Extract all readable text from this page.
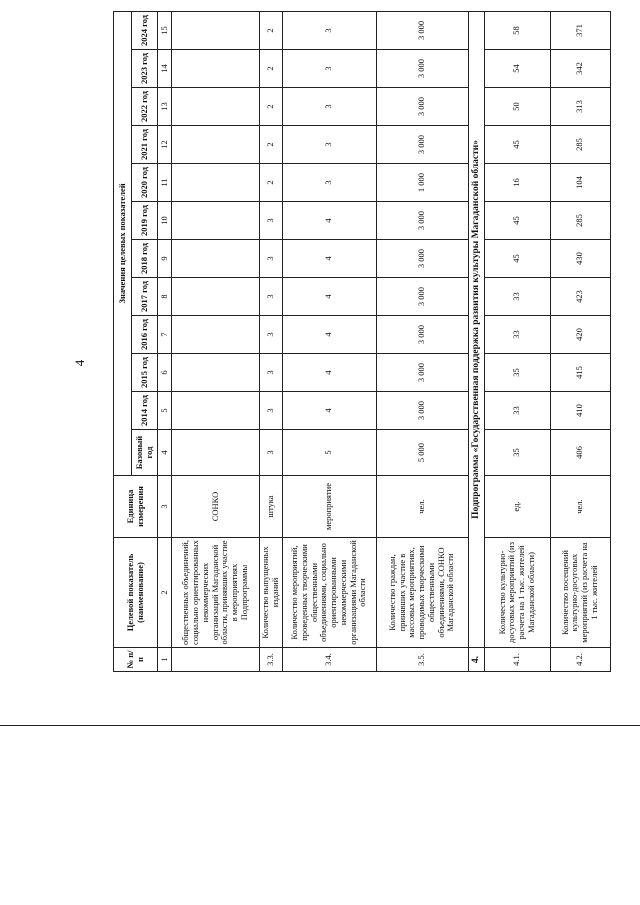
4
№ п/п	Целевой показатель (наименование)	Единица измерения	Значения целевых показателей											
			Базовый год	2014 год	2015 год	2016 год	2017 год	2018 год	2019 год	2020 год	2021 год	2022 год	2023 год	2024 год
1	2	3	4	5	6	7	8	9	10	11	12	13	14	15
	общественных объединений, социально ориентированных некоммерческих организаций Магаданской области, принявших участие в мероприятиях Подпрограммы	СОНКО												
3.3.	Количество выпущенных изданий	штука	3	3	3	3	3	3	3	2	2	2	2	2
3.4.	Количество мероприятий, проведенных творческими общественными объединениями, социально ориентированными некоммерческими организациями Магаданской области	мероприятие	5	4	4	4	4	4	4	3	3	3	3	3
3.5.	Количество граждан, принявших участие в массовых мероприятиях, проводимых творческими общественными объединениями, СОНКО Магаданской области	чел.	5 000	3 000	3 000	3 000	3 000	3 000	3 000	1 000	3 000	3 000	3 000	3 000
4.	Подпрограмма «Государственная поддержка развития культуры Магаданской области»													
4.1.	Количество культурно-досуговых мероприятий (из расчета на 1 тыс. жителей Магаданской области)	ед.	35	33	35	33	33	45	45	16	45	50	54	58
4.2.	Количество посещений культурно-досуговых мероприятий (из расчета на 1 тыс. жителей	чел.	406	410	415	420	423	430	285	104	285	313	342	371
